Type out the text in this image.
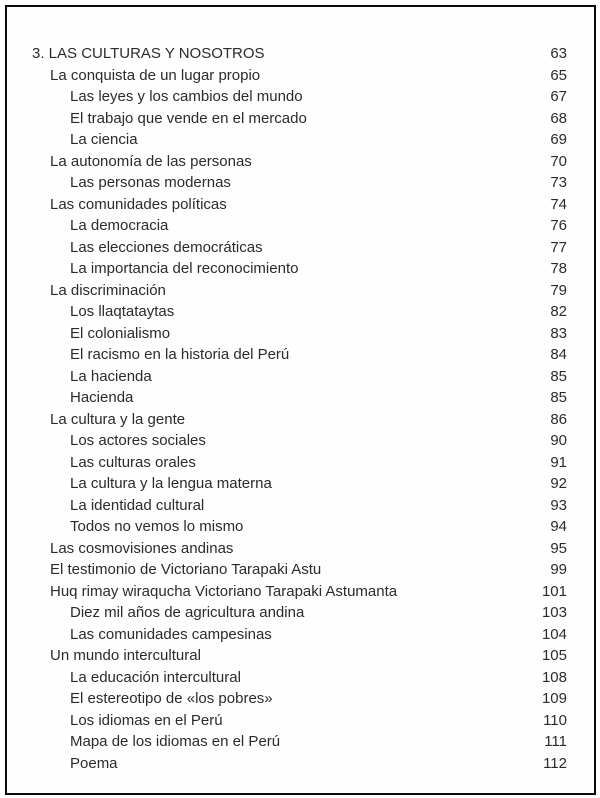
3. LAS CULTURAS Y NOSOTROS	63
La conquista de un lugar propio	65
Las leyes y los cambios del mundo	67
El trabajo que vende en el mercado	68
La ciencia	69
La autonomía de las personas	70
Las personas modernas	73
Las comunidades políticas	74
La democracia	76
Las elecciones democráticas	77
La importancia del reconocimiento	78
La discriminación	79
Los llaqtataytas	82
El colonialismo	83
El racismo en la historia del Perú	84
La hacienda	85
Hacienda	85
La cultura y la gente	86
Los actores sociales	90
Las culturas orales	91
La cultura y la lengua materna	92
La identidad cultural	93
Todos no vemos lo mismo	94
Las cosmovisiones andinas	95
El testimonio de Victoriano Tarapaki Astu	99
Huq rimay wiraqucha Victoriano Tarapaki Astumanta	101
Diez mil años de agricultura andina	103
Las comunidades campesinas	104
Un mundo intercultural	105
La educación intercultural	108
El estereotipo de «los pobres»	109
Los idiomas en el Perú	110
Mapa de los idiomas en el Perú	111
Poema	112
